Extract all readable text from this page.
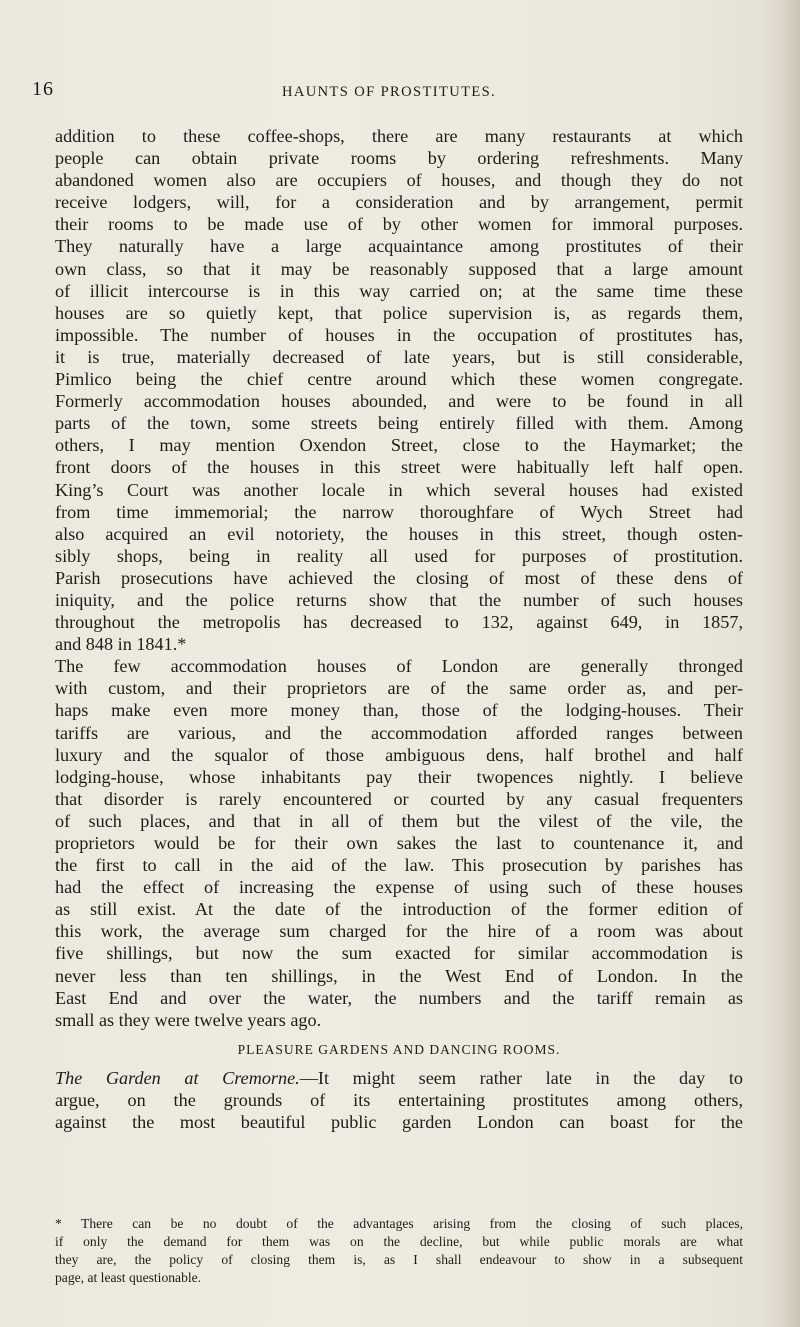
16	HAUNTS OF PROSTITUTES.
addition to these coffee-shops, there are many restaurants at which
people can obtain private rooms by ordering refreshments. Many
abandoned women also are occupiers of houses, and though they do not
receive lodgers, will, for a consideration and by arrangement, permit
their rooms to be made use of by other women for immoral purposes.
They naturally have a large acquaintance among prostitutes of their
own class, so that it may be reasonably supposed that a large amount
of illicit intercourse is in this way carried on; at the same time these
houses are so quietly kept, that police supervision is, as regards them,
impossible. The number of houses in the occupation of prostitutes has,
it is true, materially decreased of late years, but is still considerable,
Pimlico being the chief centre around which these women congregate.
Formerly accommodation houses abounded, and were to be found in all
parts of the town, some streets being entirely filled with them. Among
others, I may mention Oxendon Street, close to the Haymarket; the
front doors of the houses in this street were habitually left half open.
King’s Court was another locale in which several houses had existed
from time immemorial; the narrow thoroughfare of Wych Street had
also acquired an evil notoriety, the houses in this street, though osten-
sibly shops, being in reality all used for purposes of prostitution.
Parish prosecutions have achieved the closing of most of these dens of
iniquity, and the police returns show that the number of such houses
throughout the metropolis has decreased to 132, against 649, in 1857,
and 848 in 1841.*
The few accommodation houses of London are generally thronged
with custom, and their proprietors are of the same order as, and per-
haps make even more money than, those of the lodging-houses. Their
tariffs are various, and the accommodation afforded ranges between
luxury and the squalor of those ambiguous dens, half brothel and half
lodging-house, whose inhabitants pay their twopences nightly. I believe
that disorder is rarely encountered or courted by any casual frequenters
of such places, and that in all of them but the vilest of the vile, the
proprietors would be for their own sakes the last to countenance it, and
the first to call in the aid of the law. This prosecution by parishes has
had the effect of increasing the expense of using such of these houses
as still exist. At the date of the introduction of the former edition of
this work, the average sum charged for the hire of a room was about
five shillings, but now the sum exacted for similar accommodation is
never less than ten shillings, in the West End of London. In the
East End and over the water, the numbers and the tariff remain as
small as they were twelve years ago.
PLEASURE GARDENS AND DANCING ROOMS.
The Garden at Cremorne.—It might seem rather late in the day to
argue, on the grounds of its entertaining prostitutes among others,
against the most beautiful public garden London can boast for the
* There can be no doubt of the advantages arising from the closing of such places,
if only the demand for them was on the decline, but while public morals are what
they are, the policy of closing them is, as I shall endeavour to show in a subsequent
page, at least questionable.
